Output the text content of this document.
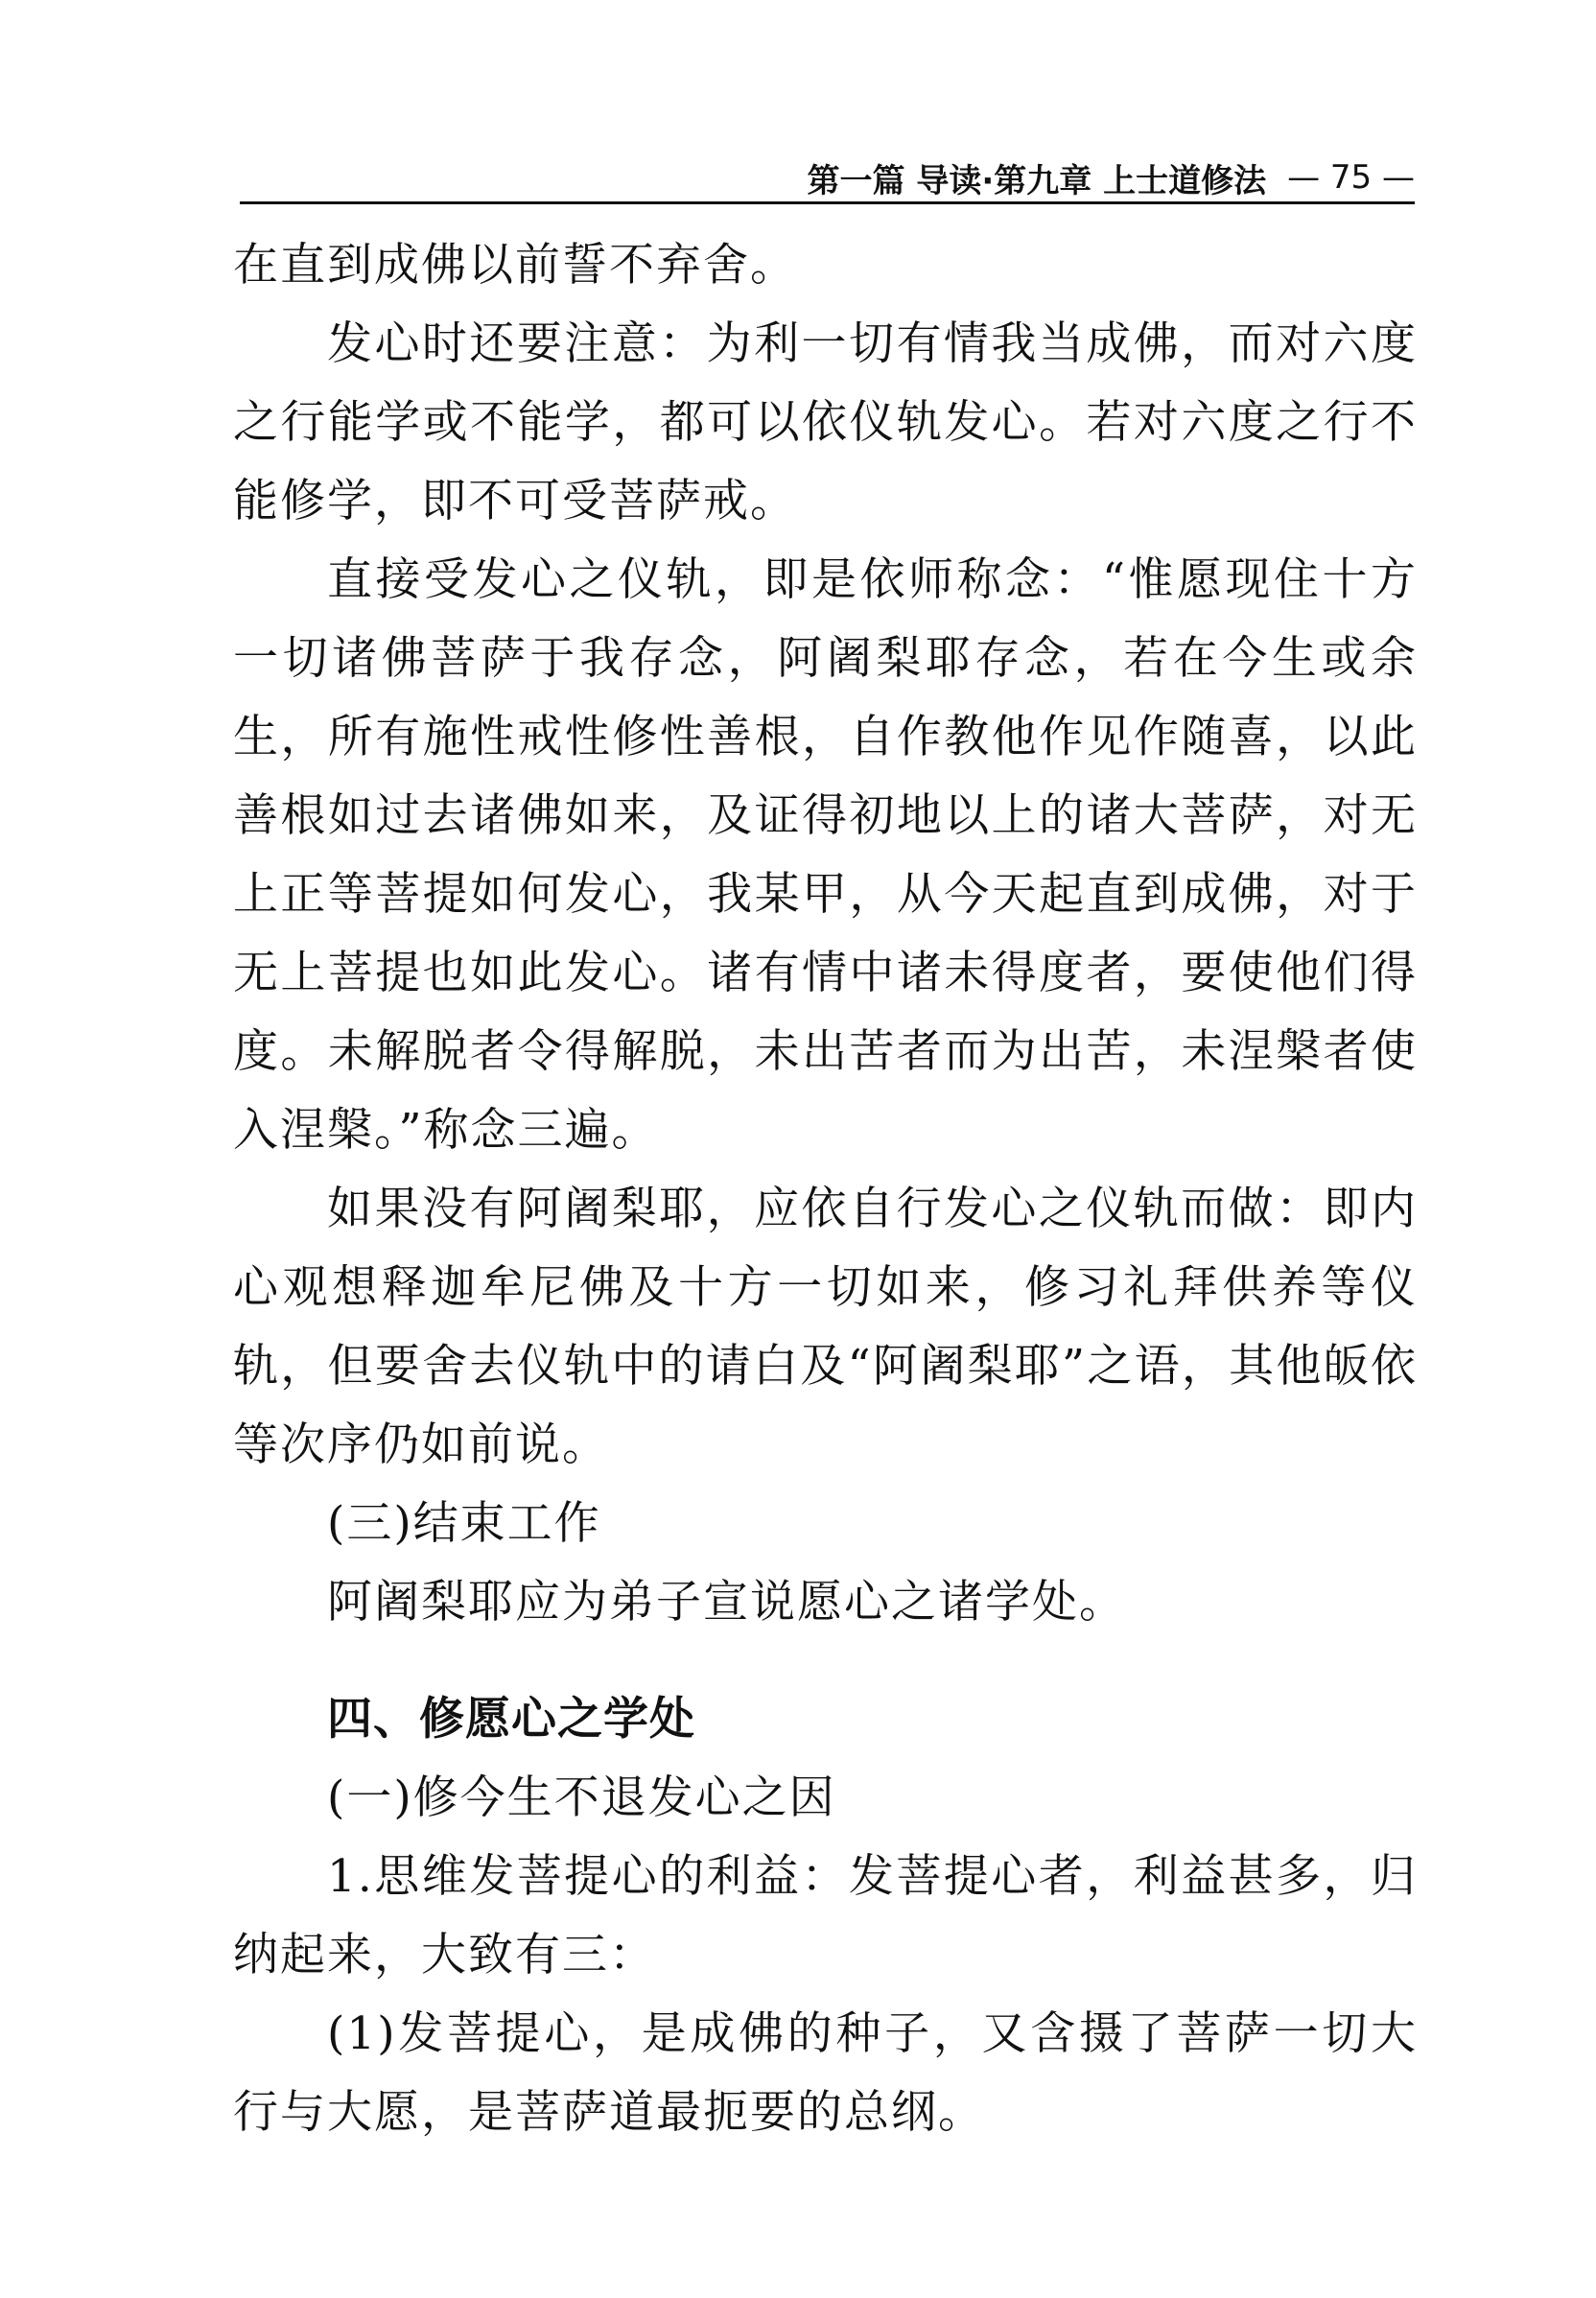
第一篇 导读·第九章 上士道修法 — 75 —

在直到成佛以前誓不弃舍。

发心时还要注意：为利一切有情我当成佛，而对六度之行能学或不能学，都可以依仪轨发心。若对六度之行不能修学，即不可受菩萨戒。

直接受发心之仪轨，即是依师称念：“惟愿现住十方一切诸佛菩萨于我存念，阿阇梨耶存念，若在今生或余生，所有施性戒性修性善根，自作教他作见作随喜，以此善根如过去诸佛如来，及证得初地以上的诸大菩萨，对无上正等菩提如何发心，我某甲，从今天起直到成佛，对于无上菩提也如此发心。诸有情中诸未得度者，要使他们得度。未解脱者令得解脱，未出苦者而为出苦，未涅槃者使入涅槃。”称念三遍。

如果没有阿阇梨耶，应依自行发心之仪轨而做：即内心观想释迦牟尼佛及十方一切如来，修习礼拜供养等仪轨，但要舍去仪轨中的请白及“阿阇梨耶”之语，其他皈依等次序仍如前说。

(三)结束工作

阿阇梨耶应为弟子宣说愿心之诸学处。

四、修愿心之学处

(一)修今生不退发心之因

1.思维发菩提心的利益：发菩提心者，利益甚多，归纳起来，大致有三：

(1)发菩提心，是成佛的种子，又含摄了菩萨一切大行与大愿，是菩萨道最扼要的总纲。
